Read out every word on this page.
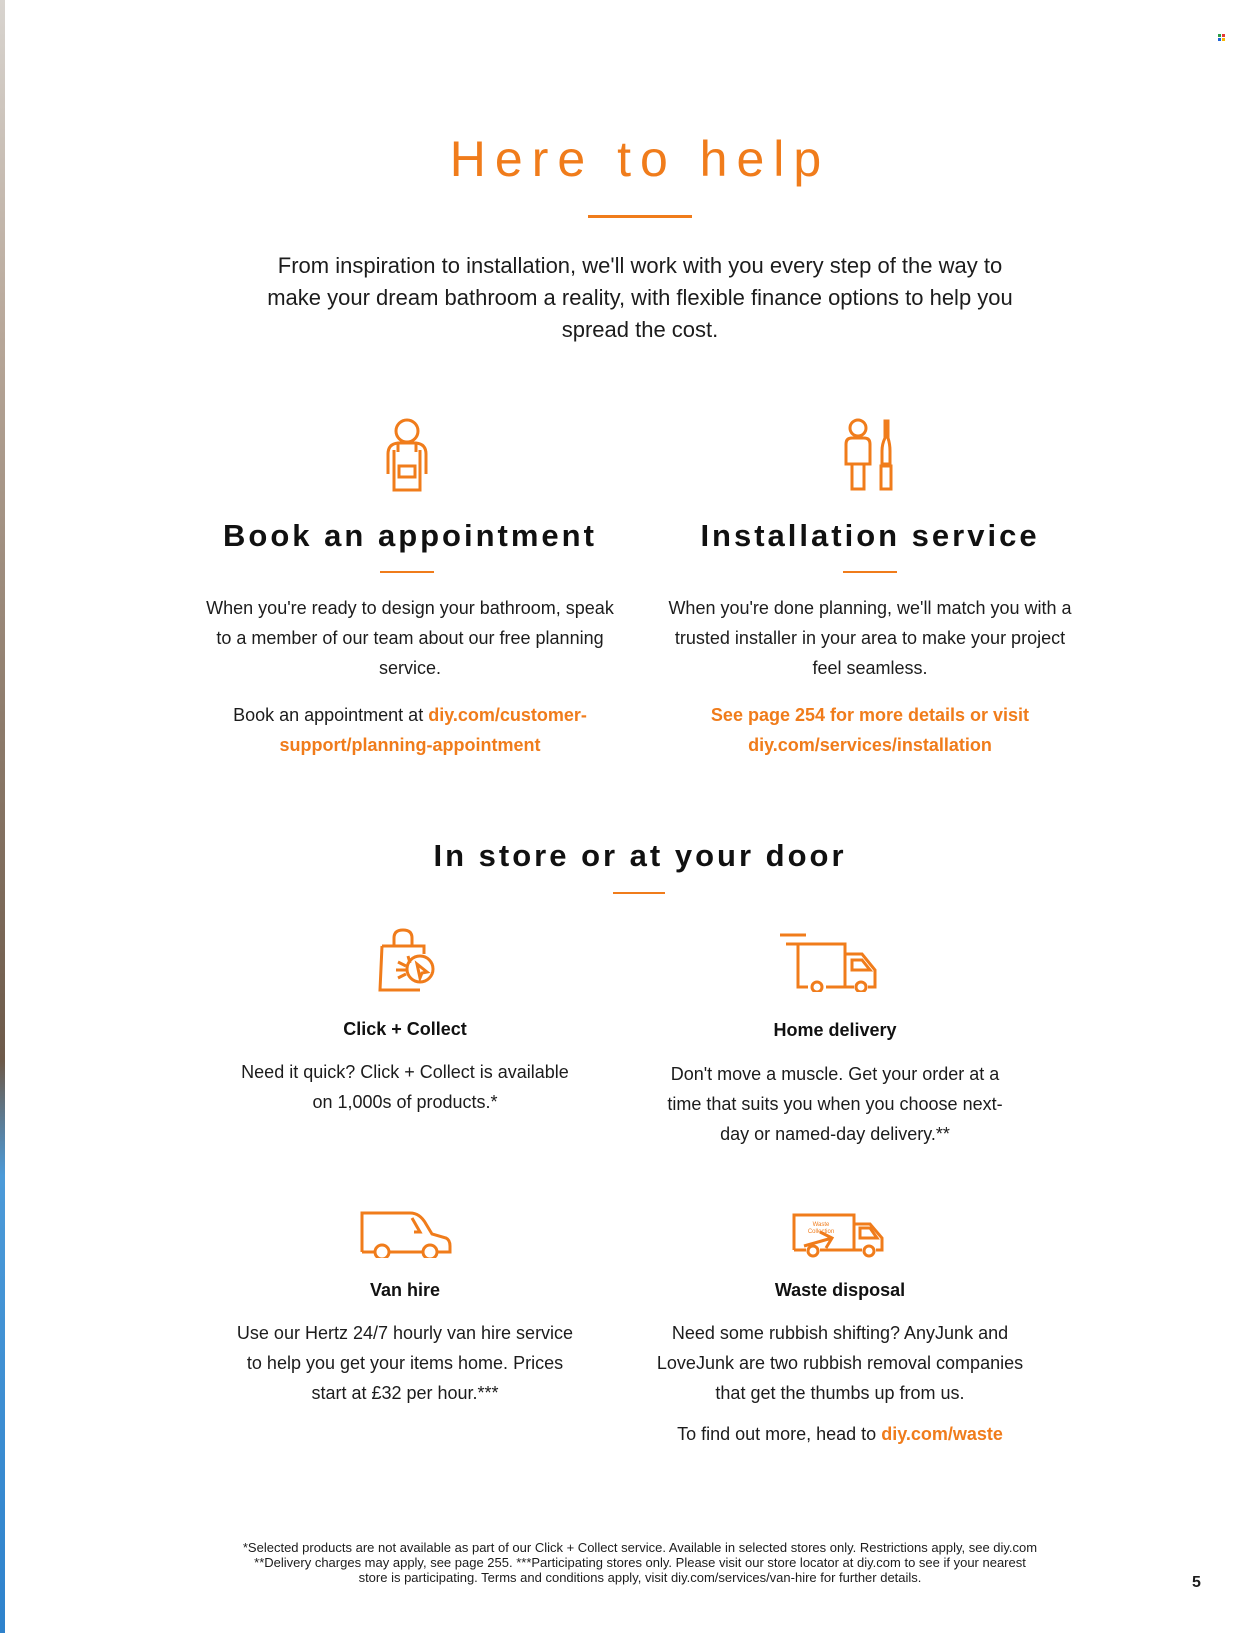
Here to help

From inspiration to installation, we'll work with you every step of the way to make your dream bathroom a reality, with flexible finance options to help you spread the cost.

Book an appointment

When you're ready to design your bathroom, speak to a member of our team about our free planning service.

Book an appointment at diy.com/customer-support/planning-appointment

Installation service

When you're done planning, we'll match you with a trusted installer in your area to make your project feel seamless.

See page 254 for more details or visit diy.com/services/installation

In store or at your door
Click + Collect

Need it quick? Click + Collect is available on 1,000s of products.*

Home delivery

Don't move a muscle. Get your order at a time that suits you when you choose next-day or named-day delivery.**

Van hire

Use our Hertz 24/7 hourly van hire service to help you get your items home. Prices start at £32 per hour.***

Waste
Collection
Waste disposal

Need some rubbish shifting? AnyJunk and LoveJunk are two rubbish removal companies that get the thumbs up from us.

To find out more, head to diy.com/waste

*Selected products are not available as part of our Click + Collect service. Available in selected stores only. Restrictions apply, see diy.com
**Delivery charges may apply, see page 255. ***Participating stores only. Please visit our store locator at diy.com to see if your nearest
store is participating. Terms and conditions apply, visit diy.com/services/van-hire for further details.	5
